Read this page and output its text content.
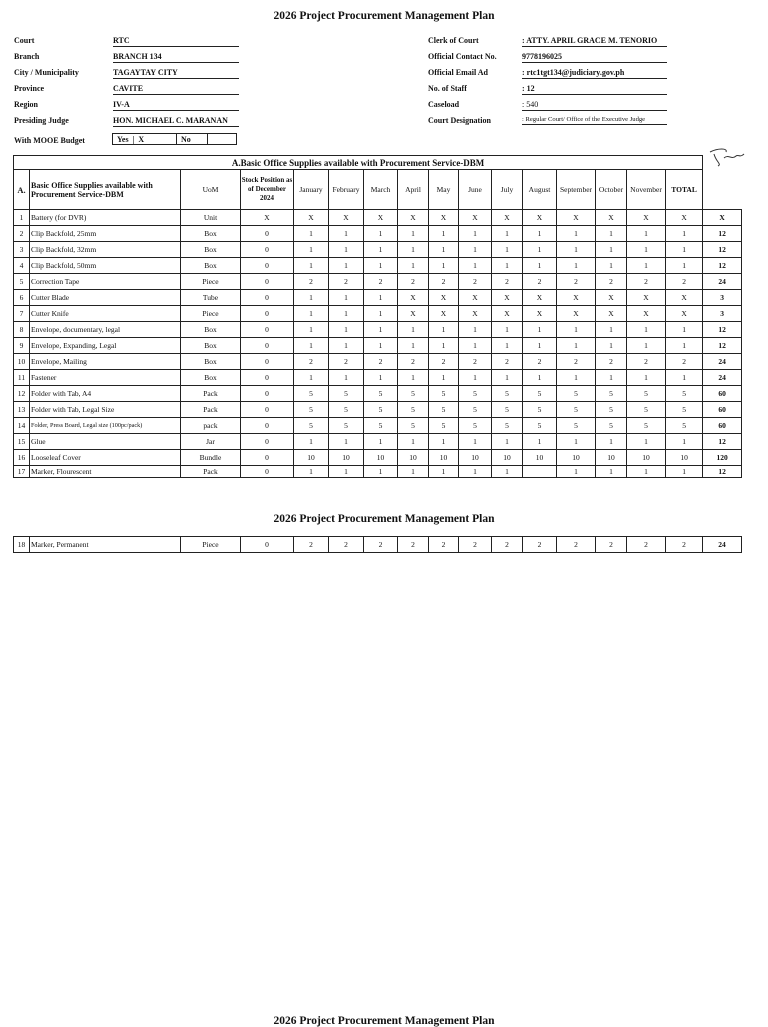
2026 Project Procurement Management Plan
Court	RTC
Branch	BRANCH 134
City / Municipality	TAGAYTAY CITY
Province	CAVITE
Region	IV-A
Presiding Judge	HON. MICHAEL C. MARANAN
Clerk of Court	: ATTY. APRIL GRACE M. TENORIO
Official Contact No.	9778196025
Official Email Ad	: rtc1tgt134@judiciary.gov.ph
No. of Staff	: 12
Caseload	: 540
Court Designation	: Regular Court/ Office of the Executive Judge
With MOOE Budget	Yes  |  X	No	
A.Basic Office Supplies available with Procurement Service-DBM																
A.	Basic Office Supplies available with Procurement Service-DBM	UoM	Stock Position as of December 2024	January	February	March	April	May	June	July	August	September	October	November	TOTAL	
1	Battery (for DVR)	Unit	X	X	X	X	X	X	X	X	X	X	X	X	X	X
2	Clip Backfold, 25mm	Box	0	1	1	1	1	1	1	1	1	1	1	1	1	12
3	Clip Backfold, 32mm	Box	0	1	1	1	1	1	1	1	1	1	1	1	1	12
4	Clip Backfold, 50mm	Box	0	1	1	1	1	1	1	1	1	1	1	1	1	12
5	Correction Tape	Piece	0	2	2	2	2	2	2	2	2	2	2	2	2	24
6	Cutter Blade	Tube	0	1	1	1	X	X	X	X	X	X	X	X	X	3
7	Cutter Knife	Piece	0	1	1	1	X	X	X	X	X	X	X	X	X	3
8	Envelope, documentary, legal	Box	0	1	1	1	1	1	1	1	1	1	1	1	1	12
9	Envelope, Expanding, Legal	Box	0	1	1	1	1	1	1	1	1	1	1	1	1	12
10	Envelope, Mailing	Box	0	2	2	2	2	2	2	2	2	2	2	2	2	24
11	Fastener	Box	0	1	1	1	1	1	1	1	1	1	1	1	1	24
12	Folder with Tab, A4	Pack	0	5	5	5	5	5	5	5	5	5	5	5	5	60
13	Folder with Tab, Legal Size	Pack	0	5	5	5	5	5	5	5	5	5	5	5	5	60
14	Folder, Press Board, Legal size (100pc/pack)	pack	0	5	5	5	5	5	5	5	5	5	5	5	5	60
15	Glue	Jar	0	1	1	1	1	1	1	1	1	1	1	1	1	12
16	Looseleaf Cover	Bundle	0	10	10	10	10	10	10	10	10	10	10	10	10	120
17	Marker, Flourescent	Pack	0	1	1	1	1	1	1	1		1	1	1	1	12
2026 Project Procurement Management Plan
18	Marker, Permanent	Piece	0	2	2	2	2	2	2	2	2	2	2	2	2	24
2026 Project Procurement Management Plan
